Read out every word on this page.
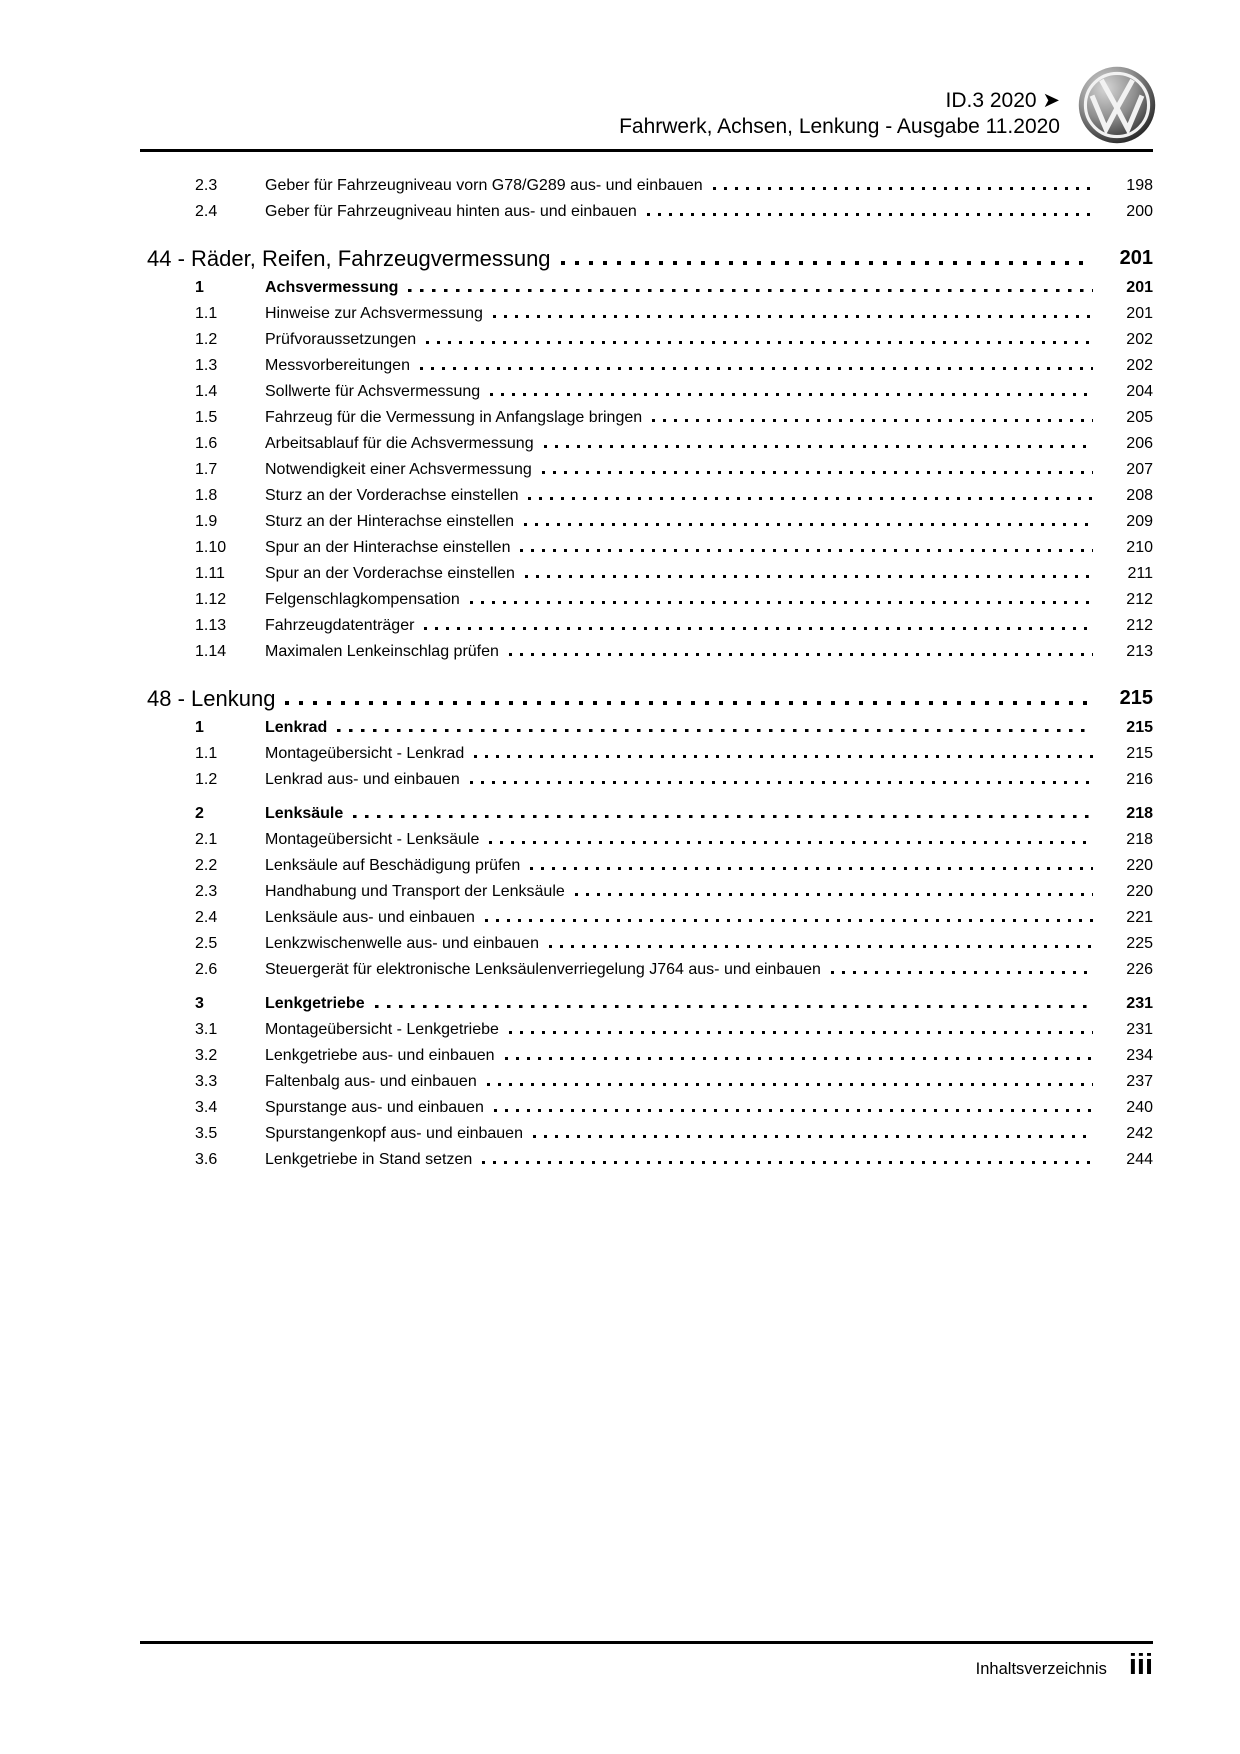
ID.3 2020 ➤
Fahrwerk, Achsen, Lenkung - Ausgabe 11.2020
2.3	Geber für Fahrzeugniveau vorn G78/G289 aus- und einbauen	198
2.4	Geber für Fahrzeugniveau hinten aus- und einbauen	200
44 - Räder, Reifen, Fahrzeugvermessung	201
1	Achsvermessung	201
1.1	Hinweise zur Achsvermessung	201
1.2	Prüfvoraussetzungen	202
1.3	Messvorbereitungen	202
1.4	Sollwerte für Achsvermessung	204
1.5	Fahrzeug für die Vermessung in Anfangslage bringen	205
1.6	Arbeitsablauf für die Achsvermessung	206
1.7	Notwendigkeit einer Achsvermessung	207
1.8	Sturz an der Vorderachse einstellen	208
1.9	Sturz an der Hinterachse einstellen	209
1.10	Spur an der Hinterachse einstellen	210
1.11	Spur an der Vorderachse einstellen	211
1.12	Felgenschlagkompensation	212
1.13	Fahrzeugdatenträger	212
1.14	Maximalen Lenkeinschlag prüfen	213
48 - Lenkung	215
1	Lenkrad	215
1.1	Montageübersicht - Lenkrad	215
1.2	Lenkrad aus- und einbauen	216
2	Lenksäule	218
2.1	Montageübersicht - Lenksäule	218
2.2	Lenksäule auf Beschädigung prüfen	220
2.3	Handhabung und Transport der Lenksäule	220
2.4	Lenksäule aus- und einbauen	221
2.5	Lenkzwischenwelle aus- und einbauen	225
2.6	Steuergerät für elektronische Lenksäulenverriegelung J764 aus- und einbauen	226
3	Lenkgetriebe	231
3.1	Montageübersicht - Lenkgetriebe	231
3.2	Lenkgetriebe aus- und einbauen	234
3.3	Faltenbalg aus- und einbauen	237
3.4	Spurstange aus- und einbauen	240
3.5	Spurstangenkopf aus- und einbauen	242
3.6	Lenkgetriebe in Stand setzen	244
Inhaltsverzeichnis iii
